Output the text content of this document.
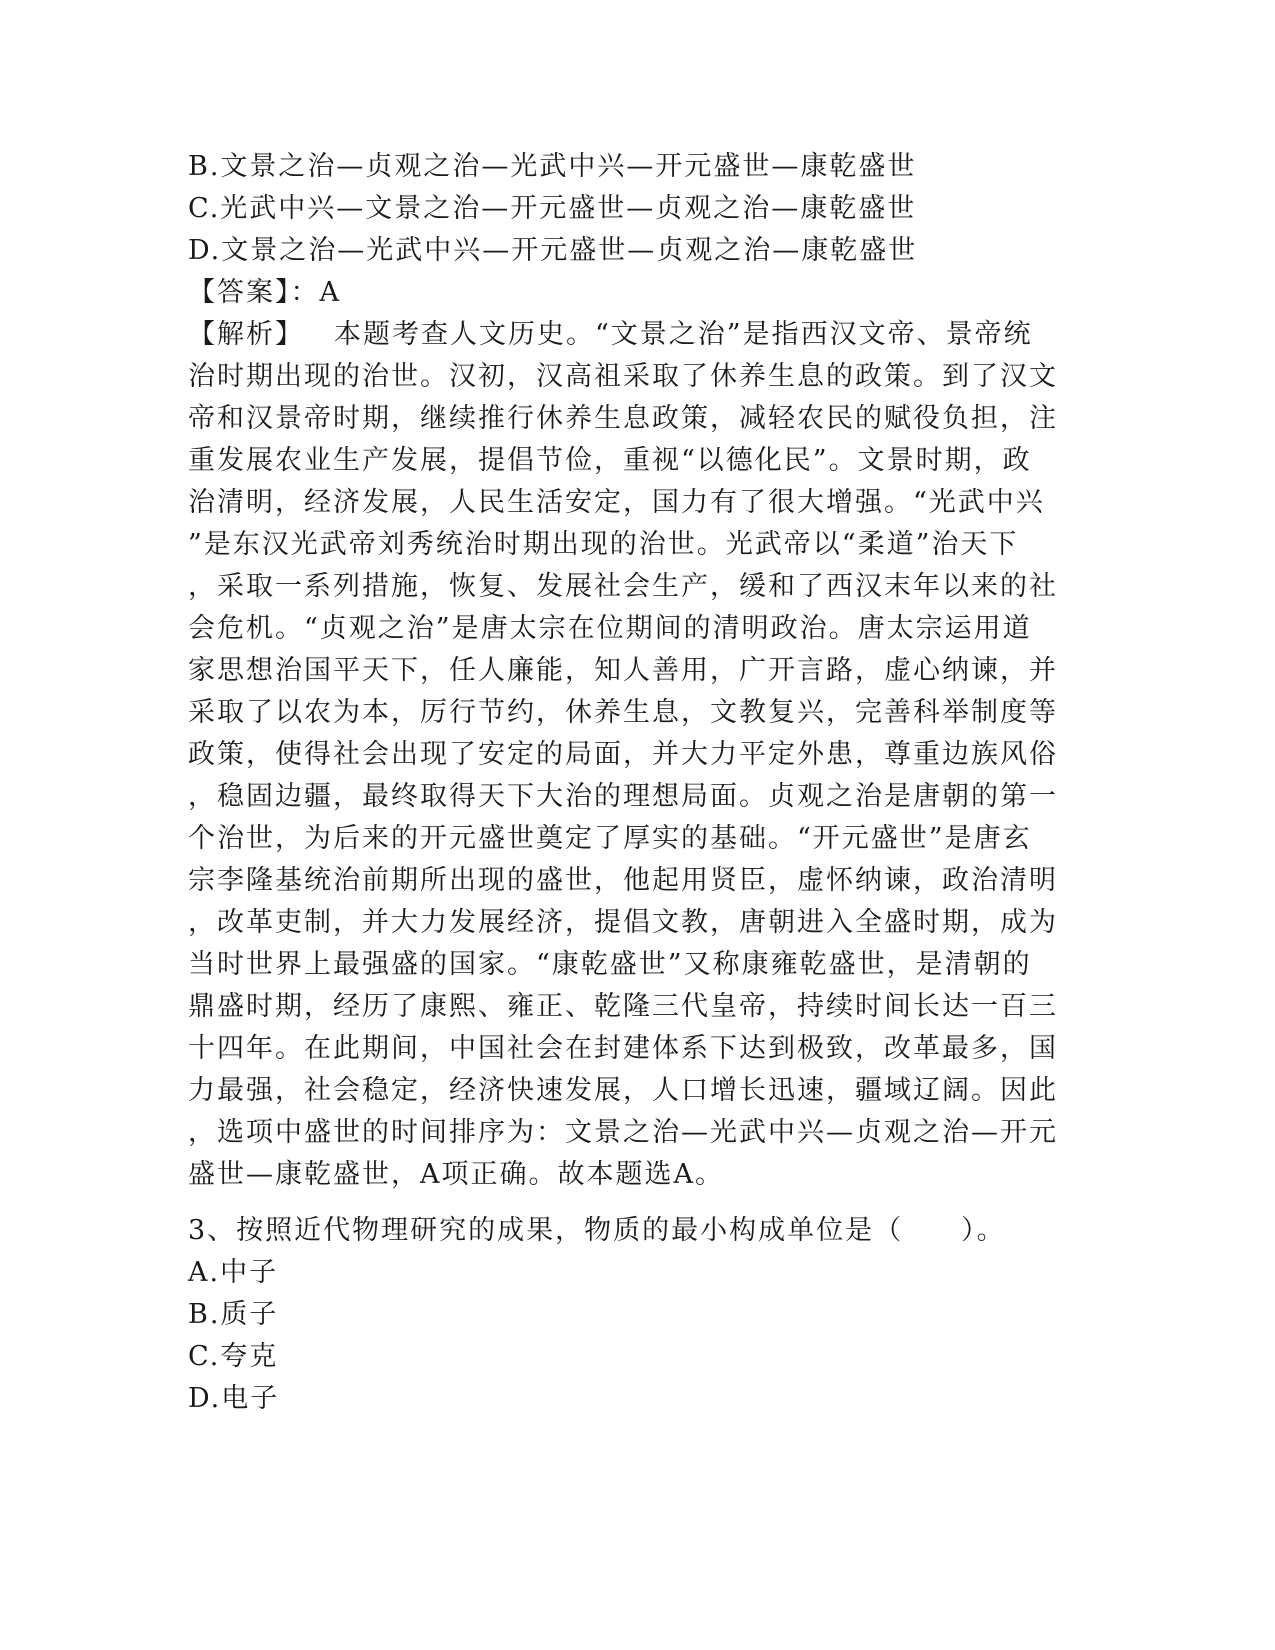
B.文景之治—贞观之治—光武中兴—开元盛世—康乾盛世
C.光武中兴—文景之治—开元盛世—贞观之治—康乾盛世
D.文景之治—光武中兴—开元盛世—贞观之治—康乾盛世
【答案】：A
【解析】 本题考查人文历史。“文景之治”是指西汉文帝、景帝统
治时期出现的治世。汉初，汉高祖采取了休养生息的政策。到了汉文
帝和汉景帝时期，继续推行休养生息政策，减轻农民的赋役负担，注
重发展农业生产发展，提倡节俭，重视“以德化民”。文景时期，政
治清明，经济发展，人民生活安定，国力有了很大增强。“光武中兴
”是东汉光武帝刘秀统治时期出现的治世。光武帝以“柔道”治天下
，采取一系列措施，恢复、发展社会生产，缓和了西汉末年以来的社
会危机。“贞观之治”是唐太宗在位期间的清明政治。唐太宗运用道
家思想治国平天下，任人廉能，知人善用，广开言路，虚心纳谏，并
采取了以农为本，厉行节约，休养生息，文教复兴，完善科举制度等
政策，使得社会出现了安定的局面，并大力平定外患，尊重边族风俗
，稳固边疆，最终取得天下大治的理想局面。贞观之治是唐朝的第一
个治世，为后来的开元盛世奠定了厚实的基础。“开元盛世”是唐玄
宗李隆基统治前期所出现的盛世，他起用贤臣，虚怀纳谏，政治清明
，改革吏制，并大力发展经济，提倡文教，唐朝进入全盛时期，成为
当时世界上最强盛的国家。“康乾盛世”又称康雍乾盛世，是清朝的
鼎盛时期，经历了康熙、雍正、乾隆三代皇帝，持续时间长达一百三
十四年。在此期间，中国社会在封建体系下达到极致，改革最多，国
力最强，社会稳定，经济快速发展，人口增长迅速，疆域辽阔。因此
，选项中盛世的时间排序为：文景之治—光武中兴—贞观之治—开元
盛世—康乾盛世，A项正确。故本题选A。
3、按照近代物理研究的成果，物质的最小构成单位是（　　）。
A.中子
B.质子
C.夸克
D.电子
